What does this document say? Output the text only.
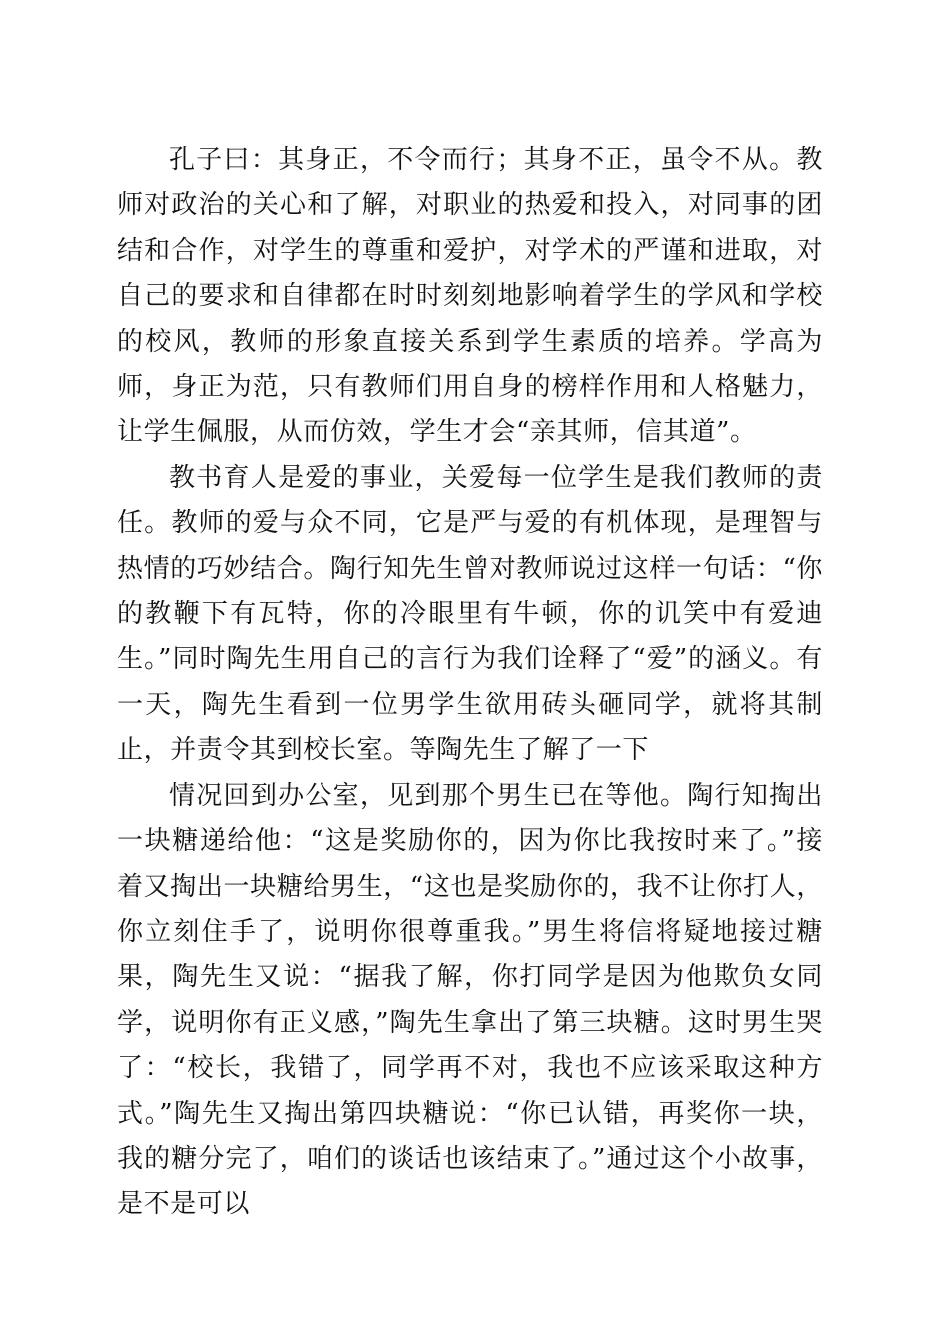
孔子曰：其身正，不令而行；其身不正，虽令不从。教师对政治的关心和了解，对职业的热爱和投入，对同事的团结和合作，对学生的尊重和爱护，对学术的严谨和进取，对自己的要求和自律都在时时刻刻地影响着学生的学风和学校的校风，教师的形象直接关系到学生素质的培养。学高为师，身正为范，只有教师们用自身的榜样作用和人格魅力，让学生佩服，从而仿效，学生才会“亲其师，信其道”。

教书育人是爱的事业，关爱每一位学生是我们教师的责任。教师的爱与众不同，它是严与爱的有机体现，是理智与热情的巧妙结合。陶行知先生曾对教师说过这样一句话：“你的教鞭下有瓦特，你的冷眼里有牛顿，你的讥笑中有爱迪生。”同时陶先生用自己的言行为我们诠释了“爱”的涵义。有一天，陶先生看到一位男学生欲用砖头砸同学，就将其制止，并责令其到校长室。等陶先生了解了一下

情况回到办公室，见到那个男生已在等他。陶行知掏出一块糖递给他：“这是奖励你的，因为你比我按时来了。”接着又掏出一块糖给男生，“这也是奖励你的，我不让你打人，你立刻住手了，说明你很尊重我。”男生将信将疑地接过糖果，陶先生又说：“据我了解，你打同学是因为他欺负女同学，说明你有正义感，”陶先生拿出了第三块糖。这时男生哭了：“校长，我错了，同学再不对，我也不应该采取这种方式。”陶先生又掏出第四块糖说：“你已认错，再奖你一块，我的糖分完了，咱们的谈话也该结束了。”通过这个小故事，是不是可以
